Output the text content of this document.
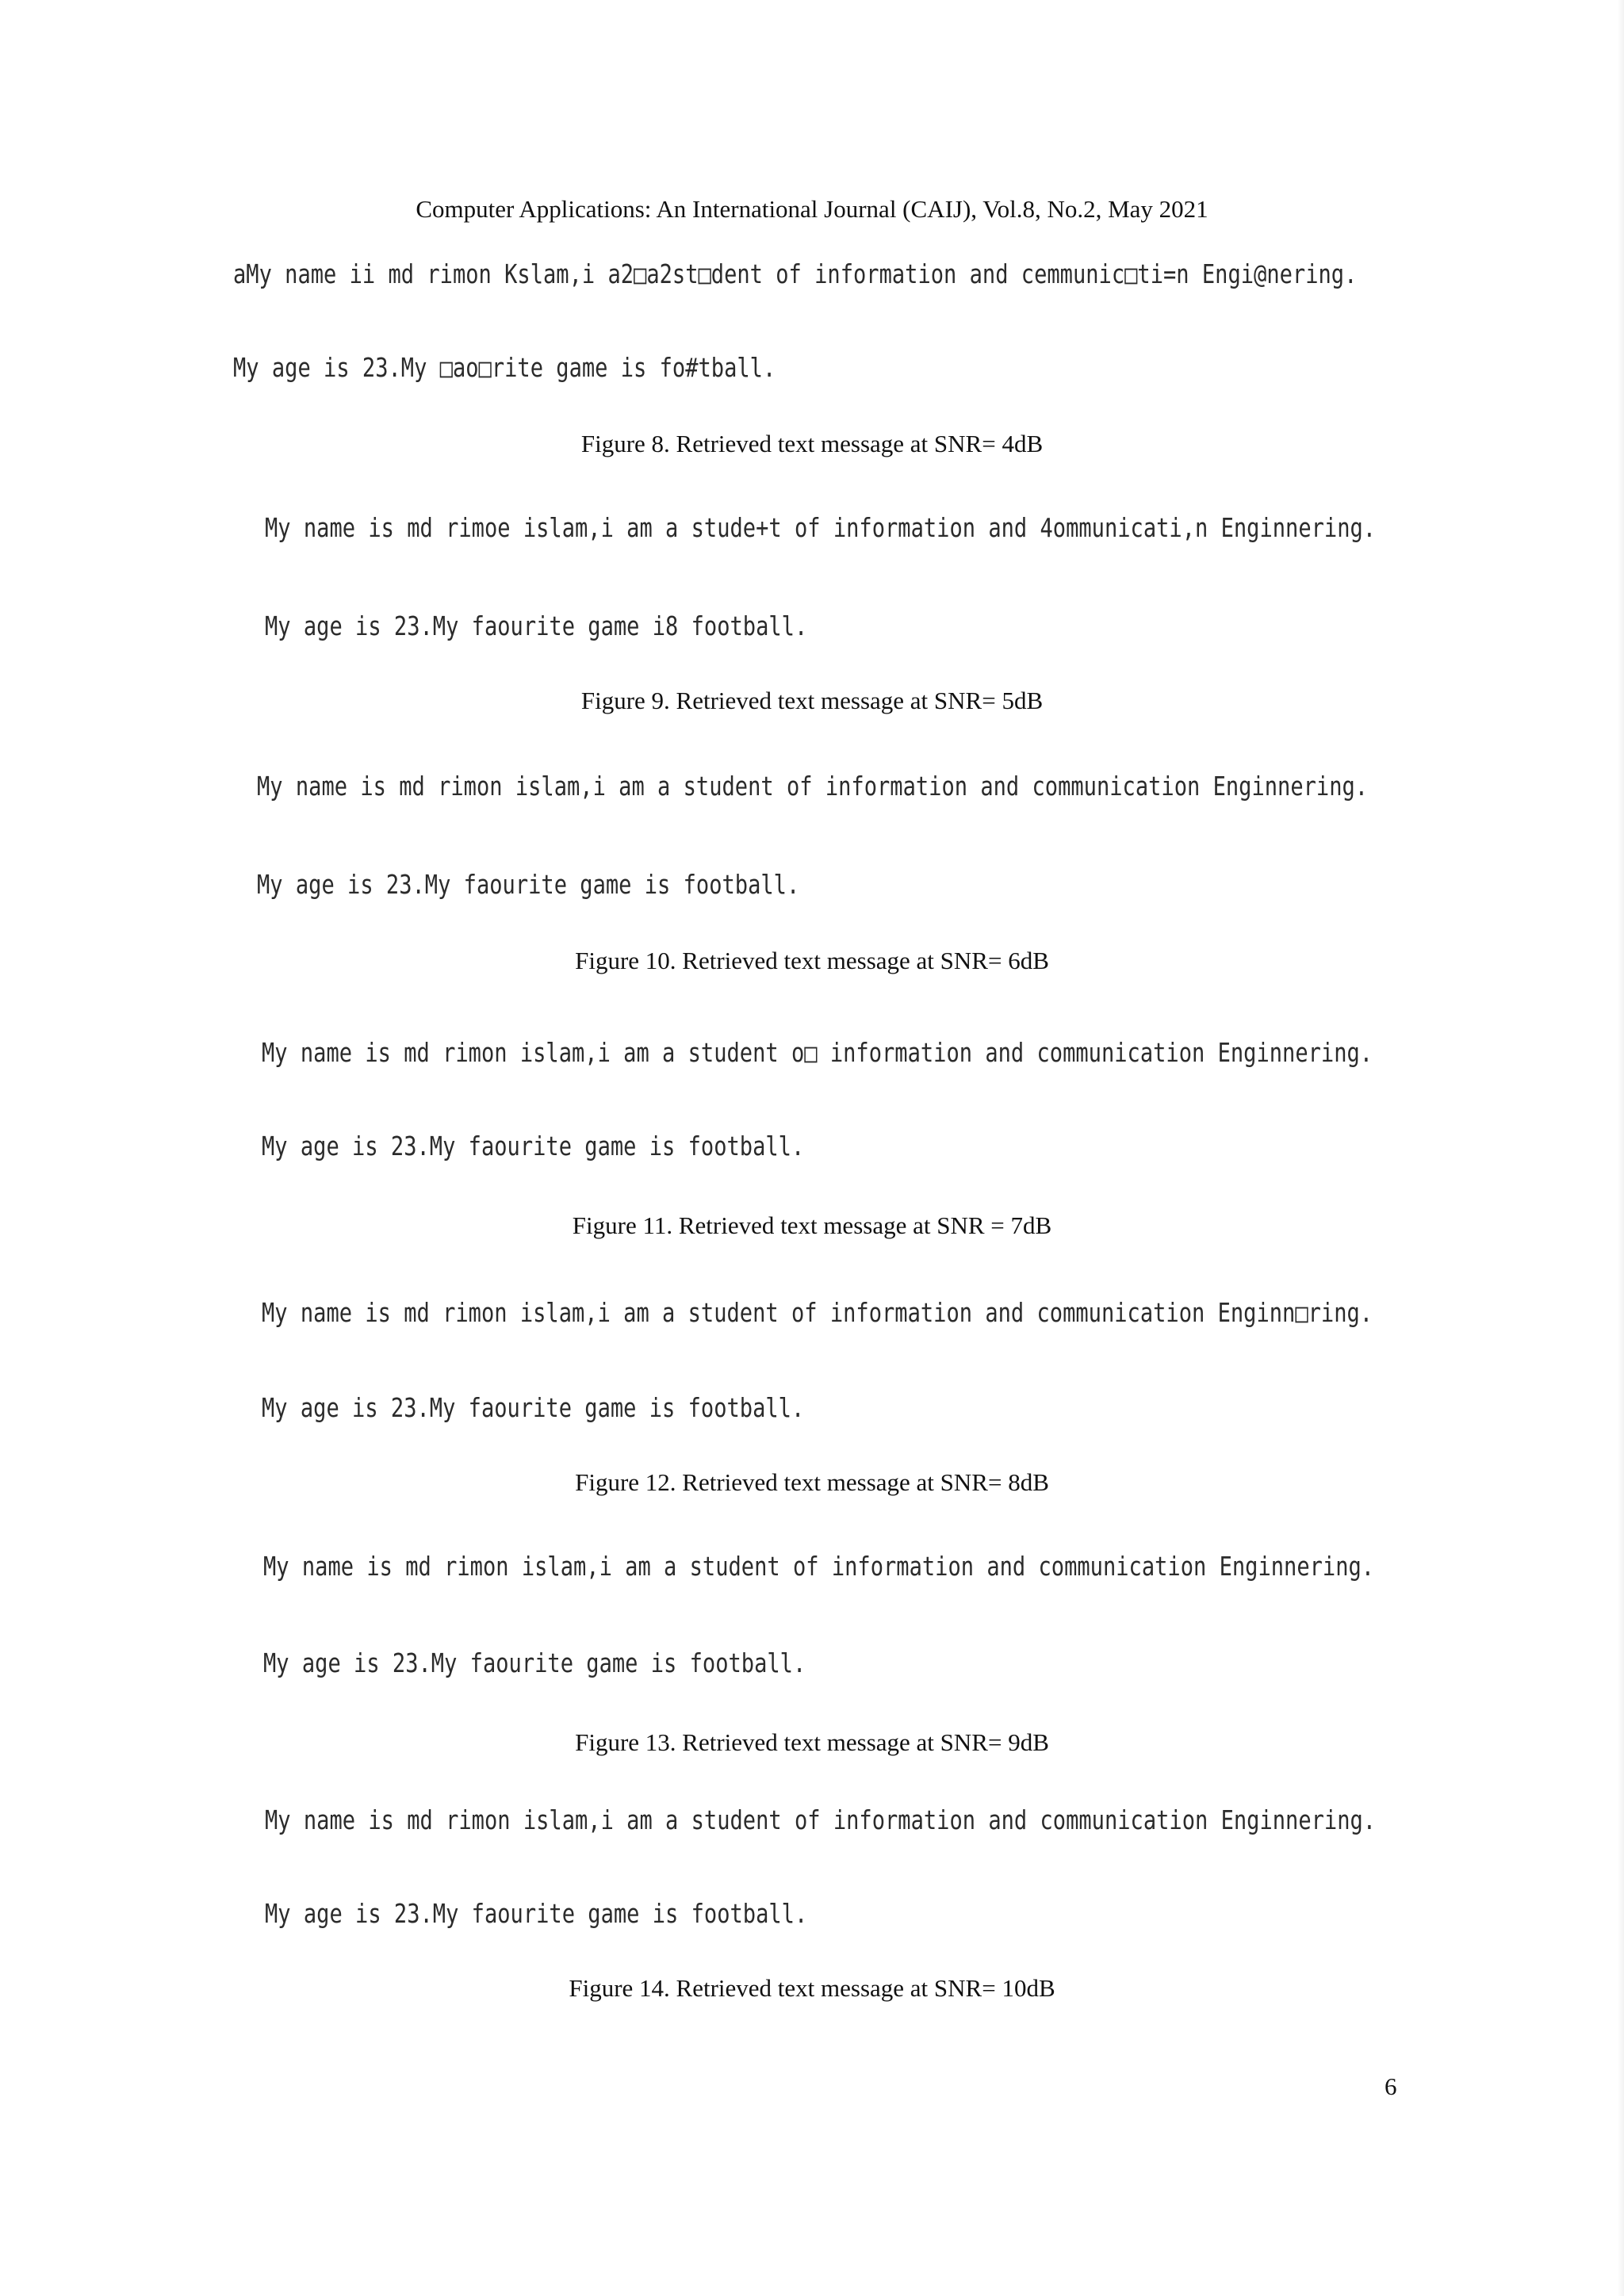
Computer Applications: An International Journal (CAIJ), Vol.8, No.2, May 2021
aMy name ii md rimon Kslam,i a2□a2st□dent of information and cemmunic□ti=n Engi@nering.
My age is 23.My □ao□rite game is fo#tball.
Figure 8. Retrieved text message at SNR= 4dB
My name is md rimoe islam,i am a stude+t of information and 4ommunicati,n Enginnering.
My age is 23.My faourite game i8 football.
Figure 9. Retrieved text message at SNR= 5dB
My name is md rimon islam,i am a student of information and communication Enginnering.
My age is 23.My faourite game is football.
Figure 10. Retrieved text message at SNR= 6dB
My name is md rimon islam,i am a student o□ information and communication Enginnering.
My age is 23.My faourite game is football.
Figure 11. Retrieved text message at SNR = 7dB
My name is md rimon islam,i am a student of information and communication Enginn□ring.
My age is 23.My faourite game is football.
Figure 12. Retrieved text message at SNR= 8dB
My name is md rimon islam,i am a student of information and communication Enginnering.
My age is 23.My faourite game is football.
Figure 13. Retrieved text message at SNR= 9dB
My name is md rimon islam,i am a student of information and communication Enginnering.
My age is 23.My faourite game is football.
Figure 14. Retrieved text message at SNR= 10dB
6
